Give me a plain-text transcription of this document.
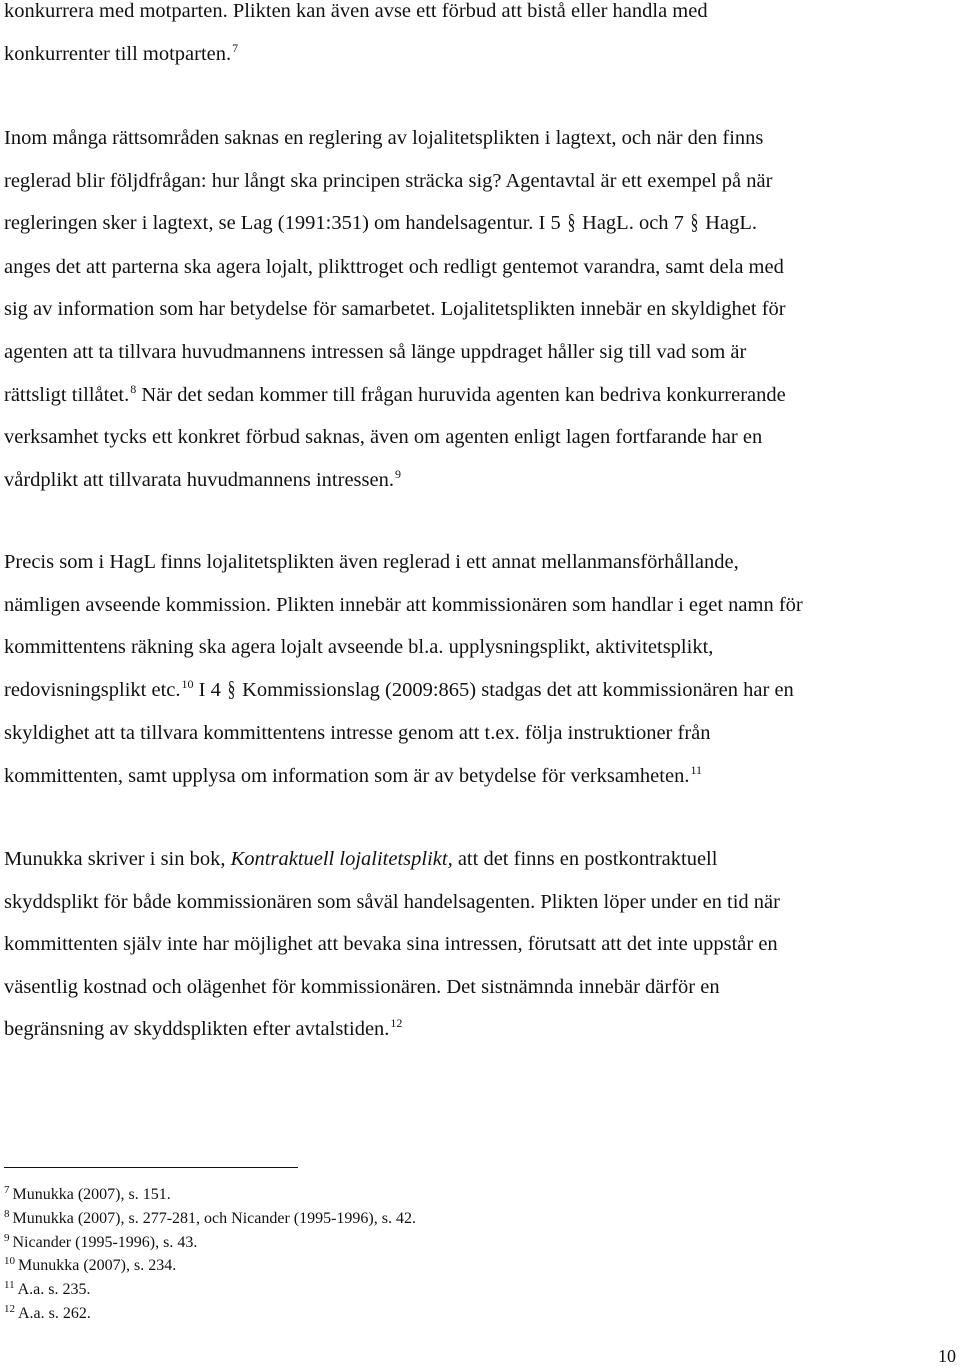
konkurrera med motparten. Plikten kan även avse ett förbud att bistå eller handla med
konkurrenter till motparten.$^7$

Inom många rättsområden saknas en reglering av lojalitetsplikten i lagtext, och när den finns
reglerad blir följdfrågan: hur långt ska principen sträcka sig? Agentavtal är ett exempel på när
regleringen sker i lagtext, se Lag (1991:351) om handelsagentur. I 5 § HagL. och 7 § HagL.
anges det att parterna ska agera lojalt, plikttroget och redligt gentemot varandra, samt dela med
sig av information som har betydelse för samarbetet. Lojalitetsplikten innebär en skyldighet för
agenten att ta tillvara huvudmannens intressen så länge uppdraget håller sig till vad som är
rättsligt tillåtet.$^8$ När det sedan kommer till frågan huruvida agenten kan bedriva konkurrerande
verksamhet tycks ett konkret förbud saknas, även om agenten enligt lagen fortfarande har en
vårdplikt att tillvarata huvudmannens intressen.$^9$

Precis som i HagL finns lojalitetsplikten även reglerad i ett annat mellanmansförhållande,
nämligen avseende kommission. Plikten innebär att kommissionären som handlar i eget namn för
kommittentens räkning ska agera lojalt avseende bl.a. upplysningsplikt, aktivitetsplikt,
redovisningsplikt etc.$^{10}$ I 4 § Kommissionslag (2009:865) stadgas det att kommissionären har en
skyldighet att ta tillvara kommittentens intresse genom att t.ex. följa instruktioner från
kommittenten, samt upplysa om information som är av betydelse för verksamheten.$^{11}$

Munukka skriver i sin bok, Kontraktuell lojalitetsplikt, att det finns en postkontraktuell
skyddsplikt för både kommissionären som såväl handelsagenten. Plikten löper under en tid när
kommittenten själv inte har möjlighet att bevaka sina intressen, förutsatt att det inte uppstår en
väsentlig kostnad och olägenhet för kommissionären. Det sistnämnda innebär därför en
begränsning av skyddsplikten efter avtalstiden.$^{12}$

$^7$ Munukka (2007), s. 151.
$^8$ Munukka (2007), s. 277-281, och Nicander (1995-1996), s. 42.
$^9$ Nicander (1995-1996), s. 43.
$^{10}$ Munukka (2007), s. 234.
$^{11}$ A.a. s. 235.
$^{12}$ A.a. s. 262.
10
